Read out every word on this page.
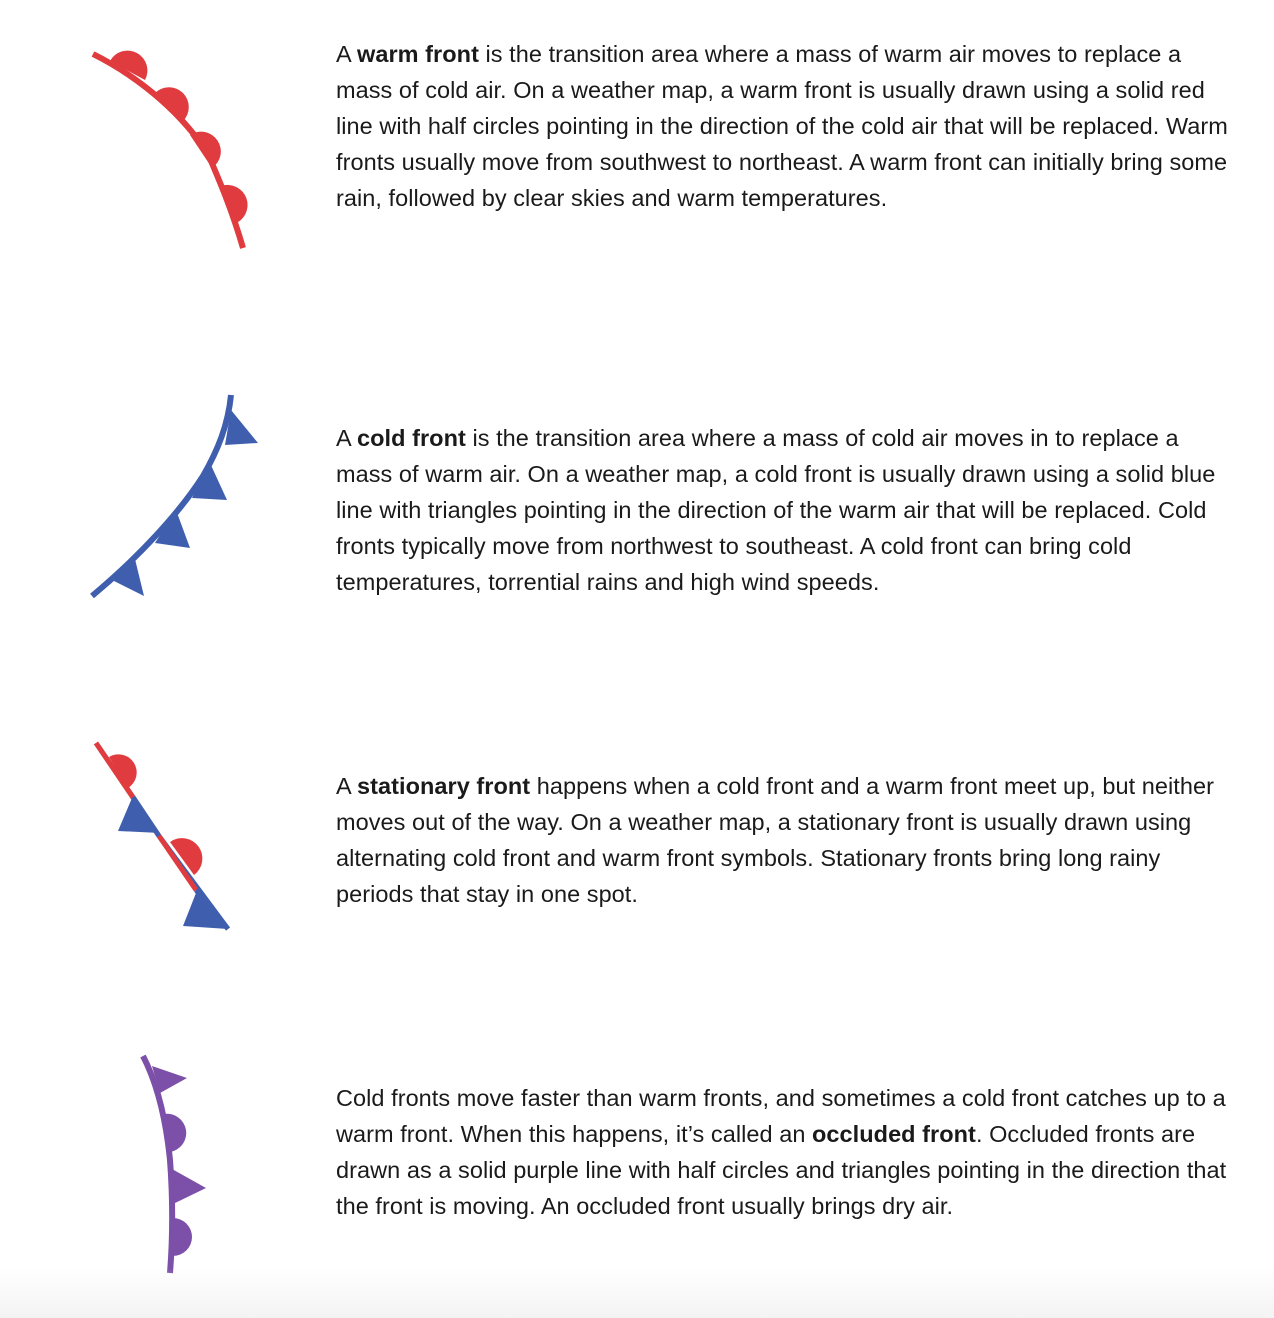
A warm front is the transition area where a mass of warm air moves to replace a mass of cold air. On a weather map, a warm front is usually drawn using a solid red line with half circles pointing in the direction of the cold air that will be replaced. Warm fronts usually move from southwest to northeast. A warm front can initially bring some rain, followed by clear skies and warm temperatures.

A cold front is the transition area where a mass of cold air moves in to replace a mass of warm air. On a weather map, a cold front is usually drawn using a solid blue line with triangles pointing in the direction of the warm air that will be replaced. Cold fronts typically move from northwest to southeast. A cold front can bring cold temperatures, torrential rains and high wind speeds.

A stationary front happens when a cold front and a warm front meet up, but neither moves out of the way. On a weather map, a stationary front is usually drawn using alternating cold front and warm front symbols. Stationary fronts bring long rainy periods that stay in one spot.

Cold fronts move faster than warm fronts, and sometimes a cold front catches up to a warm front. When this happens, it’s called an occluded front. Occluded fronts are drawn as a solid purple line with half circles and triangles pointing in the direction that the front is moving. An occluded front usually brings dry air.
